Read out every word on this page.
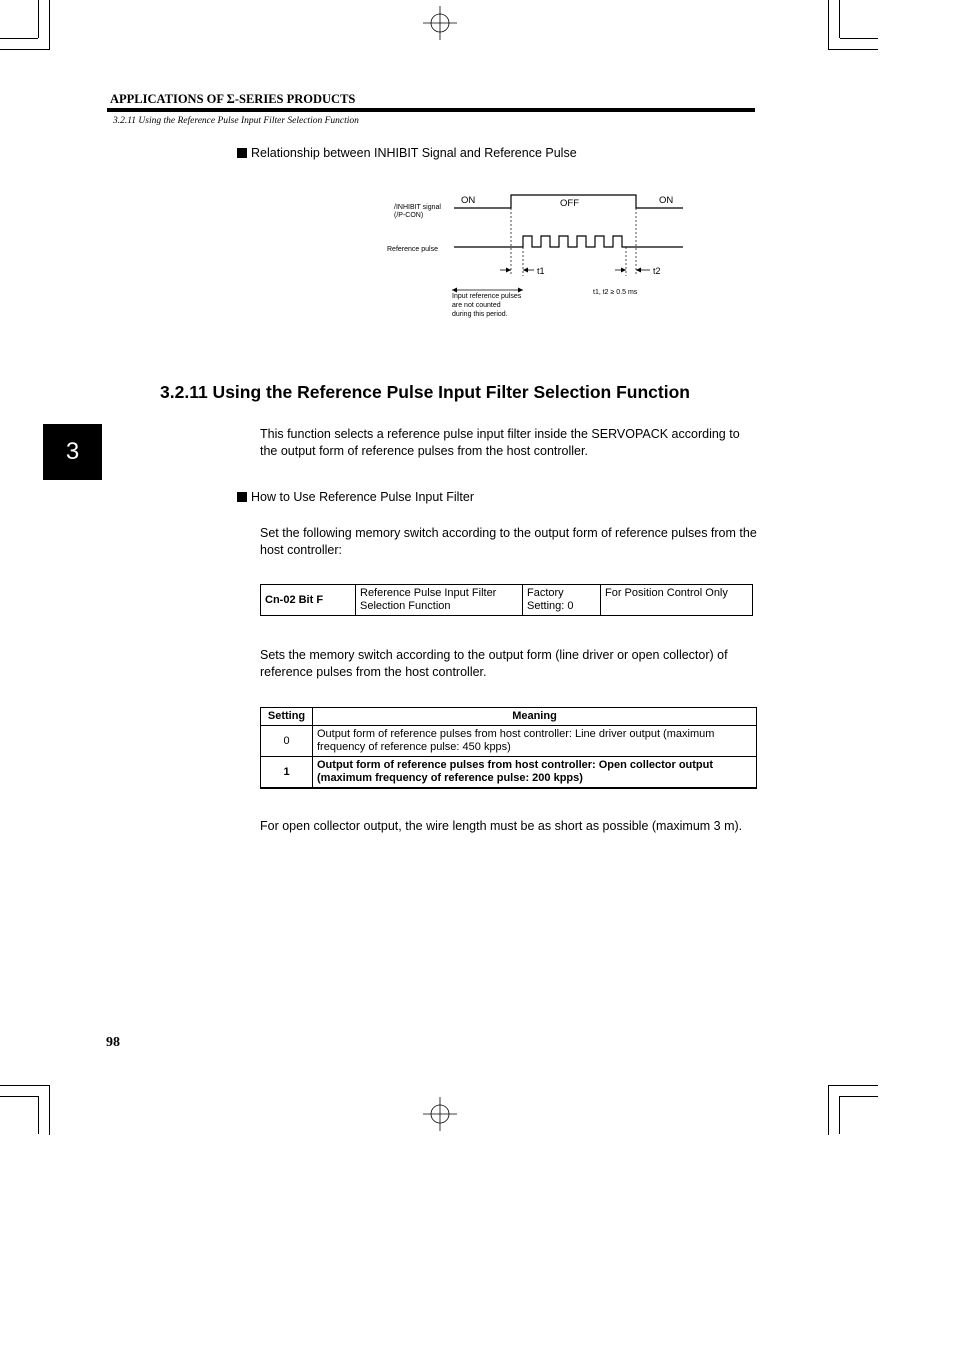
APPLICATIONS OF Σ-SERIES PRODUCTS
3.2.11 Using the Reference Pulse Input Filter Selection Function
Relationship between INHIBIT Signal and Reference Pulse
/INHIBIT signal
(/P-CON)
Reference pulse
ON	OFF	ON
t1	t2
t1, t2 ≥ 0.5 ms
Input reference pulses
are not counted
during this period.
3.2.11 Using the Reference Pulse Input Filter Selection Function
3
This function selects a reference pulse input filter inside the SERVOPACK according to the output form of reference pulses from the host controller.
How to Use Reference Pulse Input Filter
Set the following memory switch according to the output form of reference pulses from the host controller:
Cn-02 Bit F	Reference Pulse Input Filter Selection Function	Factory Setting: 0	For Position Control Only
Sets the memory switch according to the output form (line driver or open collector) of reference pulses from the host controller.
Setting	Meaning
0	Output form of reference pulses from host controller: Line driver output (maximum frequency of reference pulse: 450 kpps)
1	Output form of reference pulses from host controller: Open collector output (maximum frequency of reference pulse: 200 kpps)
For open collector output, the wire length must be as short as possible (maximum 3 m).
98
